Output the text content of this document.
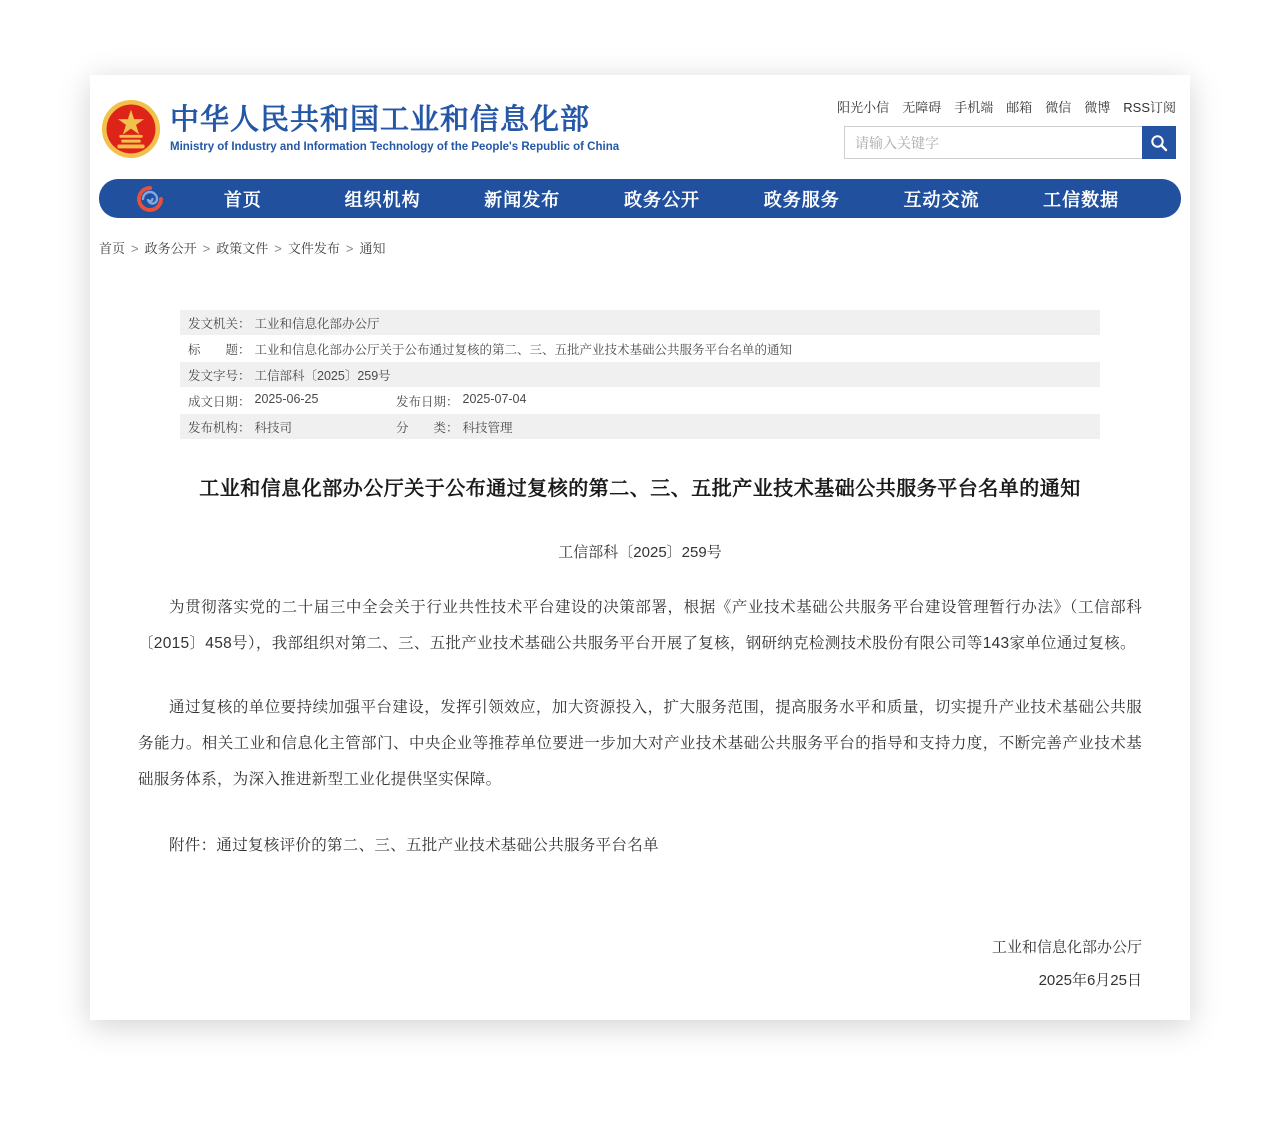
中华人民共和国工业和信息化部
Ministry of Industry and Information Technology of the People's Republic of China
阳光小信 无障碍 手机端 邮箱 微信 微博 RSS订阅
请输入关键字
首页	组织机构	新闻发布	政务公开	政务服务	互动交流	工信数据
首页 > 政务公开 > 政策文件 > 文件发布 > 通知
发文机关： 工业和信息化部办公厅
标　　题： 工业和信息化部办公厅关于公布通过复核的第二、三、五批产业技术基础公共服务平台名单的通知
发文字号： 工信部科〔2025〕259号
成文日期： 2025-06-25	发布日期： 2025-07-04
发布机构： 科技司	分　　类： 科技管理
工业和信息化部办公厅关于公布通过复核的第二、三、五批产业技术基础公共服务平台名单的通知
工信部科〔2025〕259号

为贯彻落实党的二十届三中全会关于行业共性技术平台建设的决策部署，根据《产业技术基础公共服务平台建设管理暂行办法》（工信部科〔2015〕458号），我部组织对第二、三、五批产业技术基础公共服务平台开展了复核，钢研纳克检测技术股份有限公司等143家单位通过复核。

通过复核的单位要持续加强平台建设，发挥引领效应，加大资源投入，扩大服务范围，提高服务水平和质量，切实提升产业技术基础公共服务能力。相关工业和信息化主管部门、中央企业等推荐单位要进一步加大对产业技术基础公共服务平台的指导和支持力度，不断完善产业技术基础服务体系，为深入推进新型工业化提供坚实保障。

附件：通过复核评价的第二、三、五批产业技术基础公共服务平台名单

工业和信息化部办公厅
2025年6月25日
